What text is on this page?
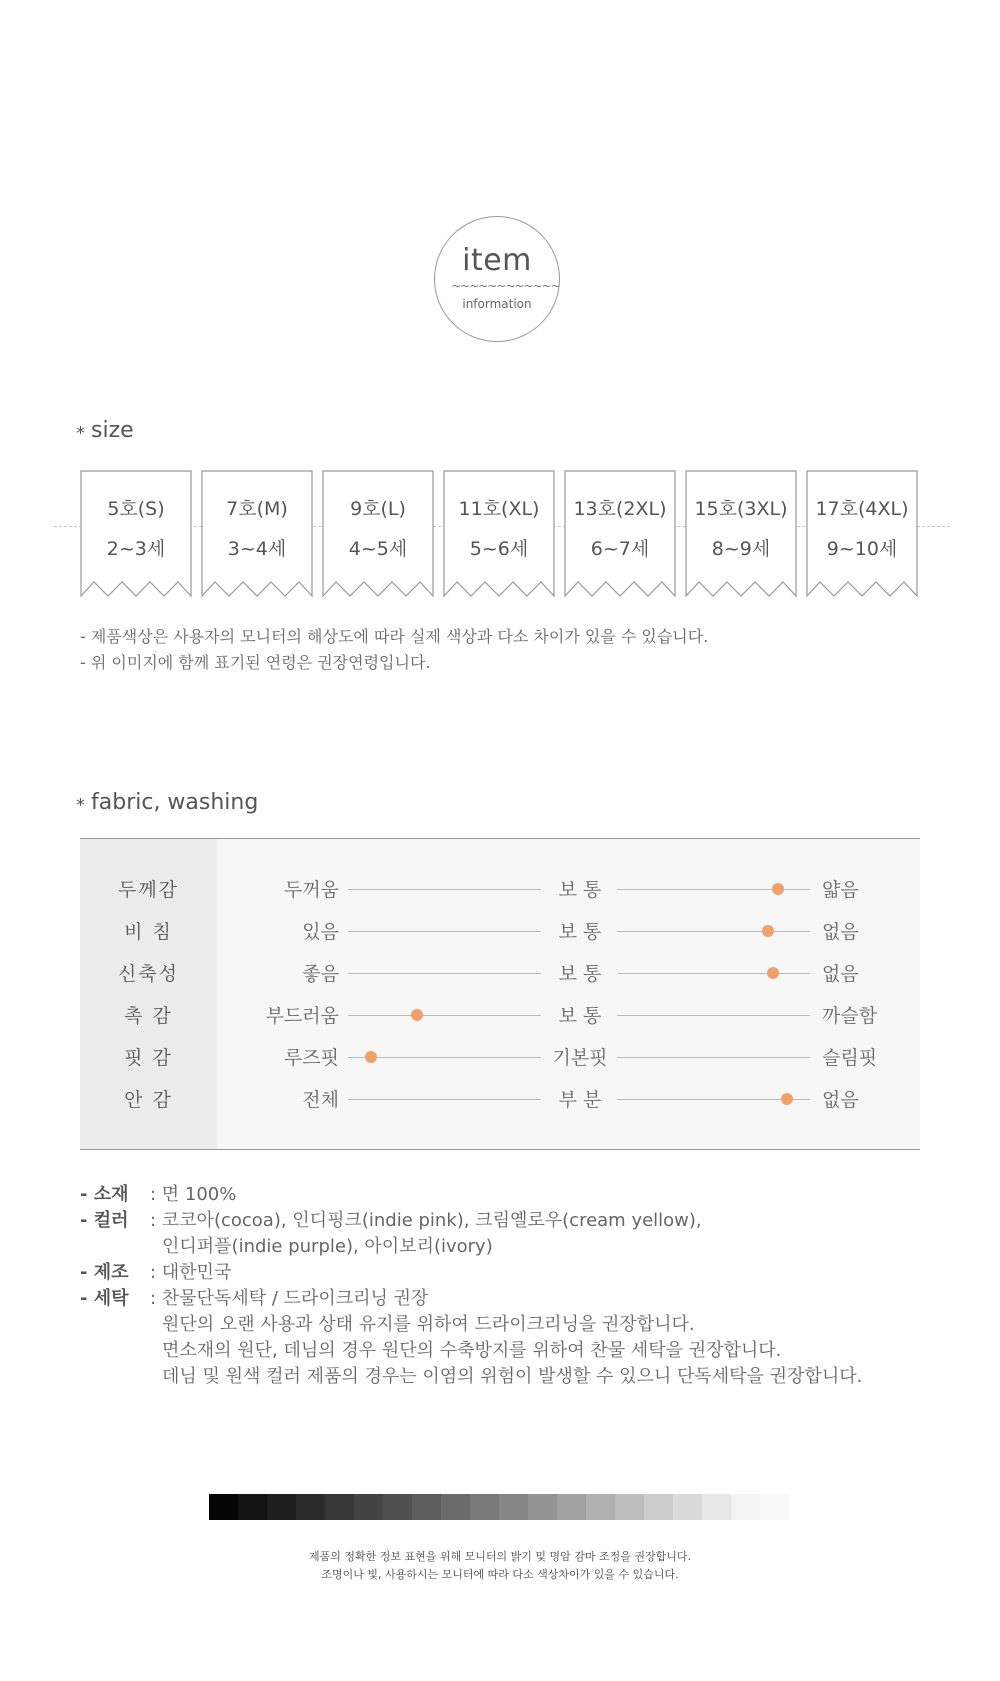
item
~~~~~~~~~~~~
information
* size
5호(S)
2~3세
7호(M)
3~4세
9호(L)
4~5세
11호(XL)
5~6세
13호(2XL)
6~7세
15호(3XL)
8~9세
17호(4XL)
9~10세
- 제품색상은 사용자의 모니터의 해상도에 따라 실제 색상과 다소 차이가 있을 수 있습니다.
- 위 이미지에 함께 표기된 연령은 권장연령입니다.
* fabric, washing
두께감	두꺼움	보 통	얇음
비 침	있음	보 통	없음
신축성	좋음	보 통	없음
촉 감	부드러움	보 통	까슬함
핏 감	루즈핏	기본핏	슬림핏
안 감	전체	부 분	없음
- 소재 : 면 100%
- 컬러 : 코코아(cocoa), 인디핑크(indie pink), 크림옐로우(cream yellow),
인디퍼플(indie purple), 아이보리(ivory)
- 제조 : 대한민국
- 세탁 : 찬물단독세탁 / 드라이크리닝 권장
원단의 오랜 사용과 상태 유지를 위하여 드라이크리닝을 권장합니다.
면소재의 원단, 데님의 경우 원단의 수축방지를 위하여 찬물 세탁을 권장합니다.
데님 및 원색 컬러 제품의 경우는 이염의 위험이 발생할 수 있으니 단독세탁을 권장합니다.
제품의 정확한 정보 표현을 위해 모니터의 밝기 및 명암 감마 조정을 권장합니다.
조명이나 빛, 사용하시는 모니터에 따라 다소 색상차이가 있을 수 있습니다.
